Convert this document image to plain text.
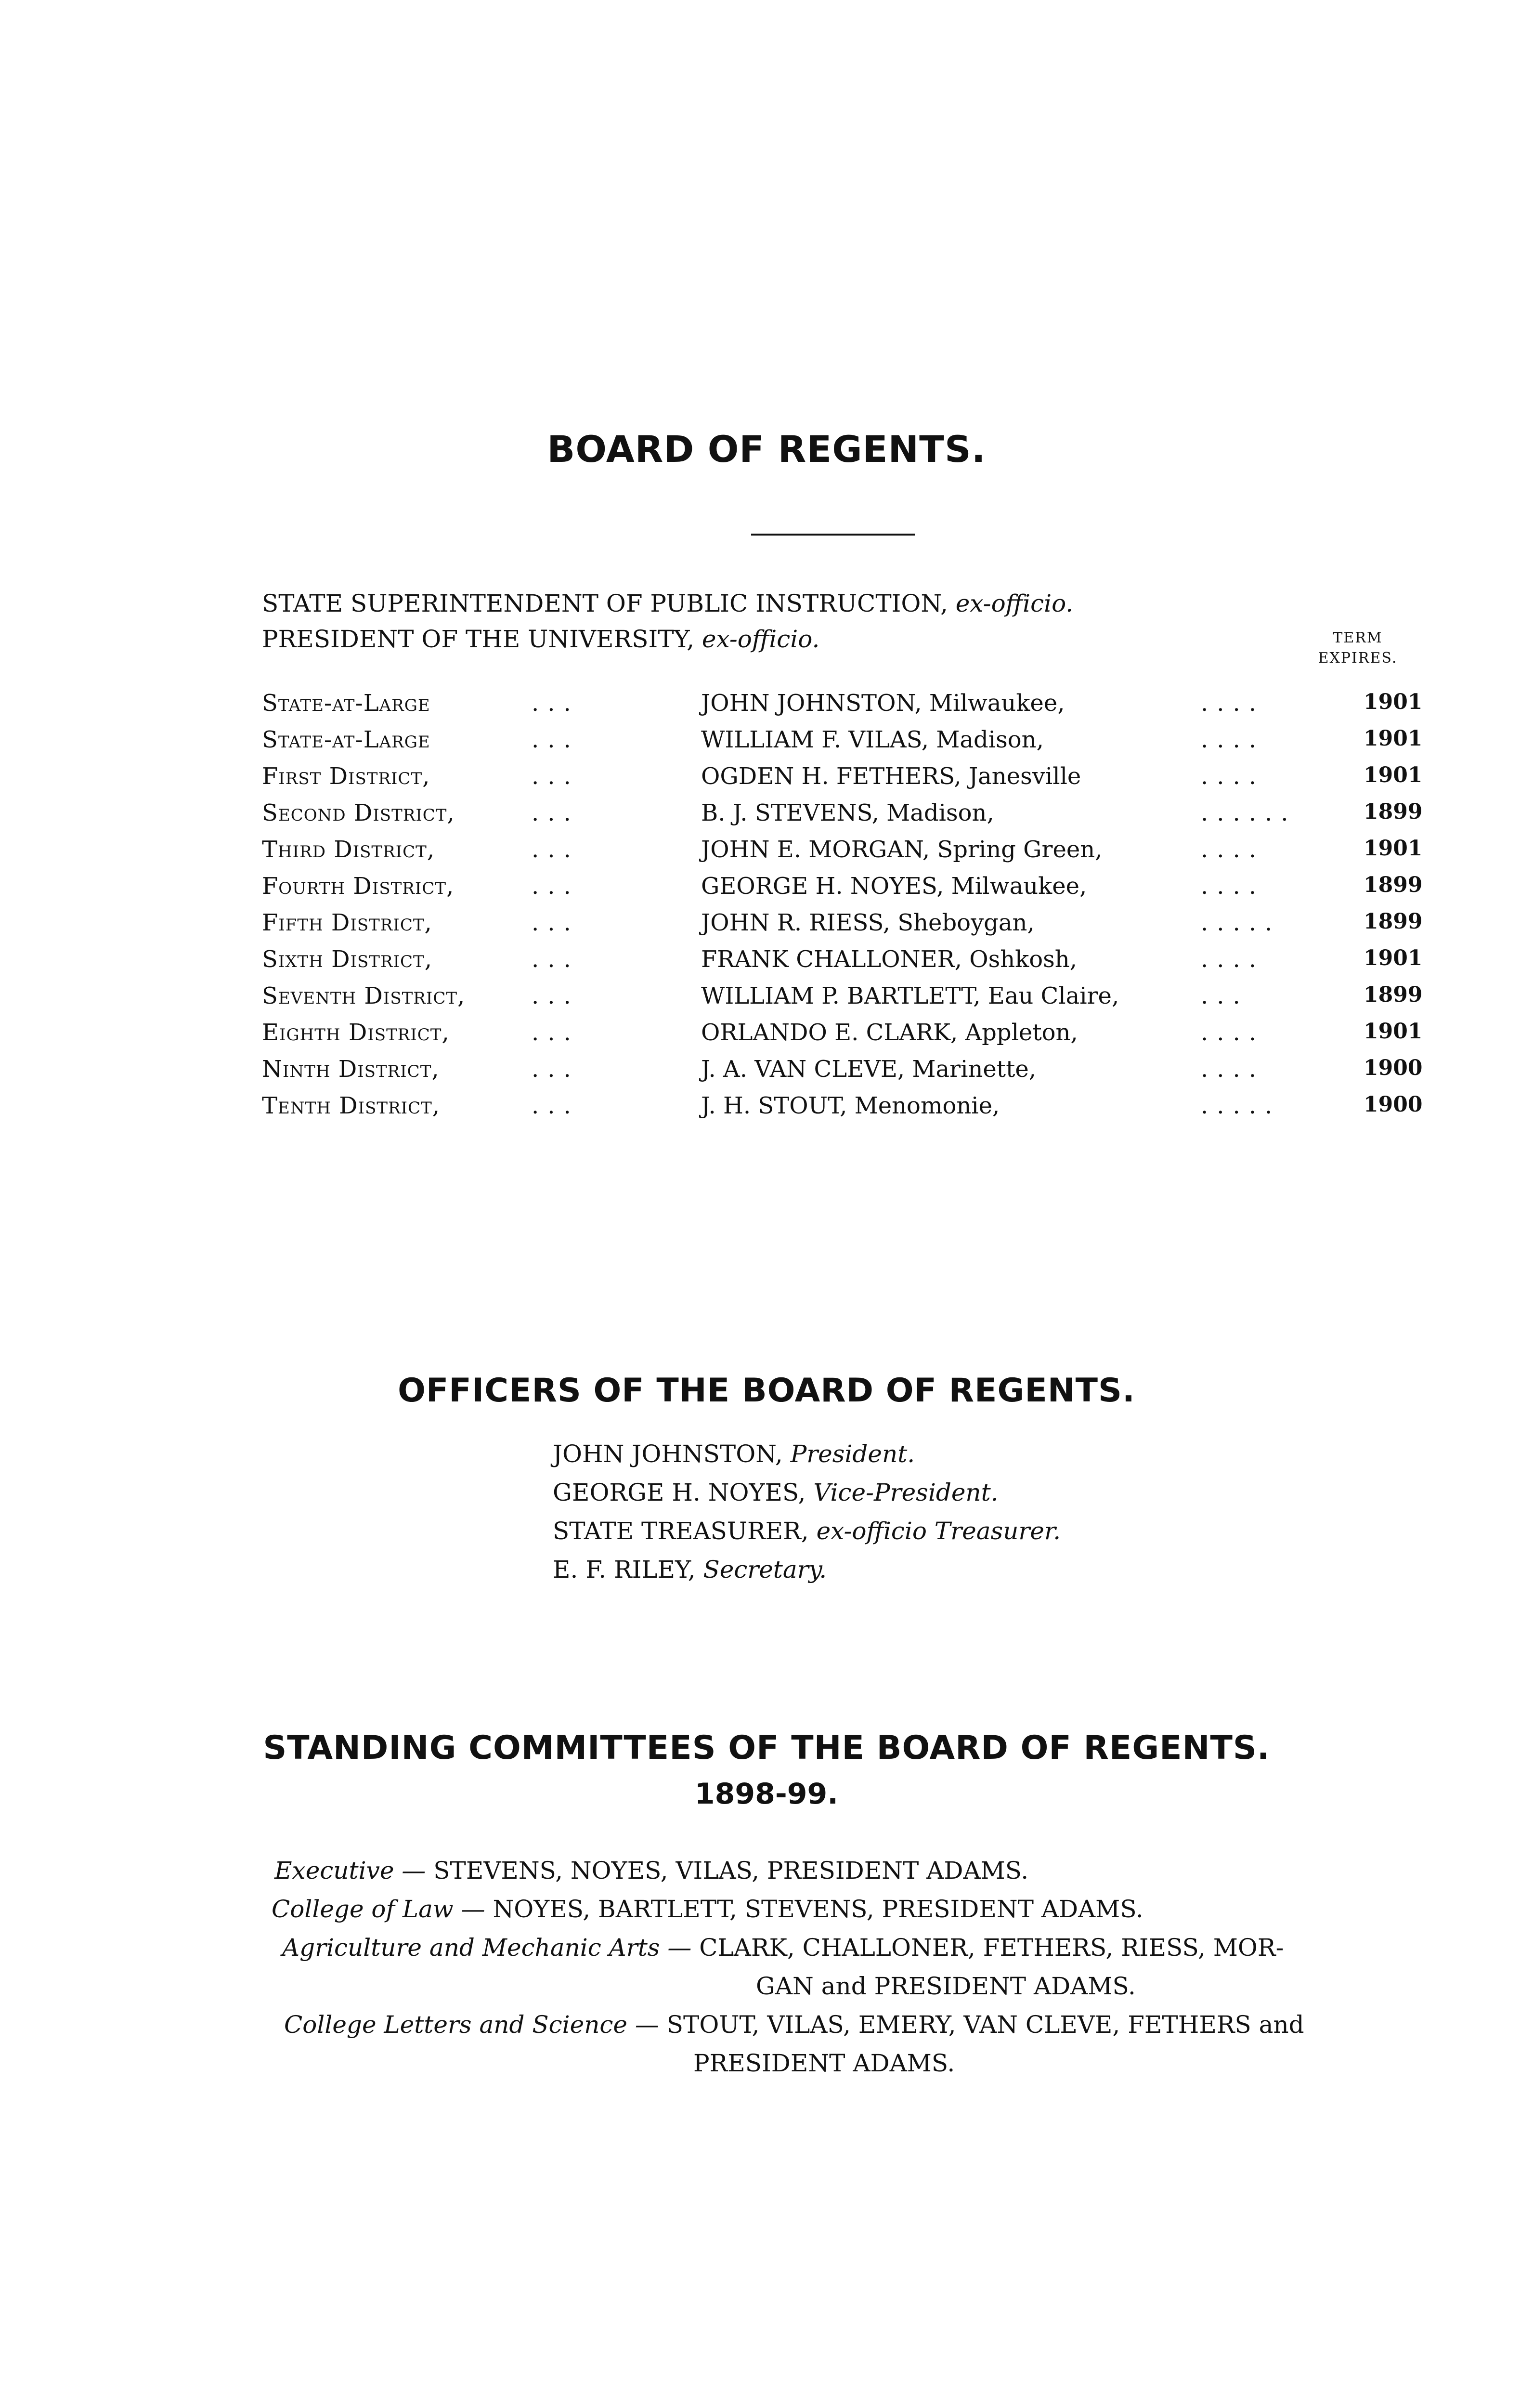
BOARD OF REGENTS.
STATE SUPERINTENDENT OF PUBLIC INSTRUCTION, ex-officio.
PRESIDENT OF THE UNIVERSITY, ex-officio.	TERM
EXPIRES.
State-at-Large	...	JOHN JOHNSTON, Milwaukee,	....	1901
State-at-Large	...	WILLIAM F. VILAS, Madison,	....	1901
First District,	...	OGDEN H. FETHERS, Janesville	....	1901
Second District,	...	B. J. STEVENS, Madison,	......	1899
Third District,	...	JOHN E. MORGAN, Spring Green,	....	1901
Fourth District,	...	GEORGE H. NOYES, Milwaukee,	....	1899
Fifth District,	...	JOHN R. RIESS, Sheboygan,	.....	1899
Sixth District,	...	FRANK CHALLONER, Oshkosh,	....	1901
Seventh District,	...	WILLIAM P. BARTLETT, Eau Claire,	...	1899
Eighth District,	...	ORLANDO E. CLARK, Appleton,	....	1901
Ninth District,	...	J. A. VAN CLEVE, Marinette,	....	1900
Tenth District,	...	J. H. STOUT, Menomonie,	.....	1900
OFFICERS OF THE BOARD OF REGENTS.
JOHN JOHNSTON, President.
GEORGE H. NOYES, Vice-President.
STATE TREASURER, ex-officio Treasurer.
E. F. RILEY, Secretary.
STANDING COMMITTEES OF THE BOARD OF REGENTS.
1898-99.
Executive — STEVENS, NOYES, VILAS, PRESIDENT ADAMS.
College of Law — NOYES, BARTLETT, STEVENS, PRESIDENT ADAMS.
Agriculture and Mechanic Arts — CLARK, CHALLONER, FETHERS, RIESS, MOR-
GAN and PRESIDENT ADAMS.
College Letters and Science — STOUT, VILAS, EMERY, VAN CLEVE, FETHERS and
PRESIDENT ADAMS.
